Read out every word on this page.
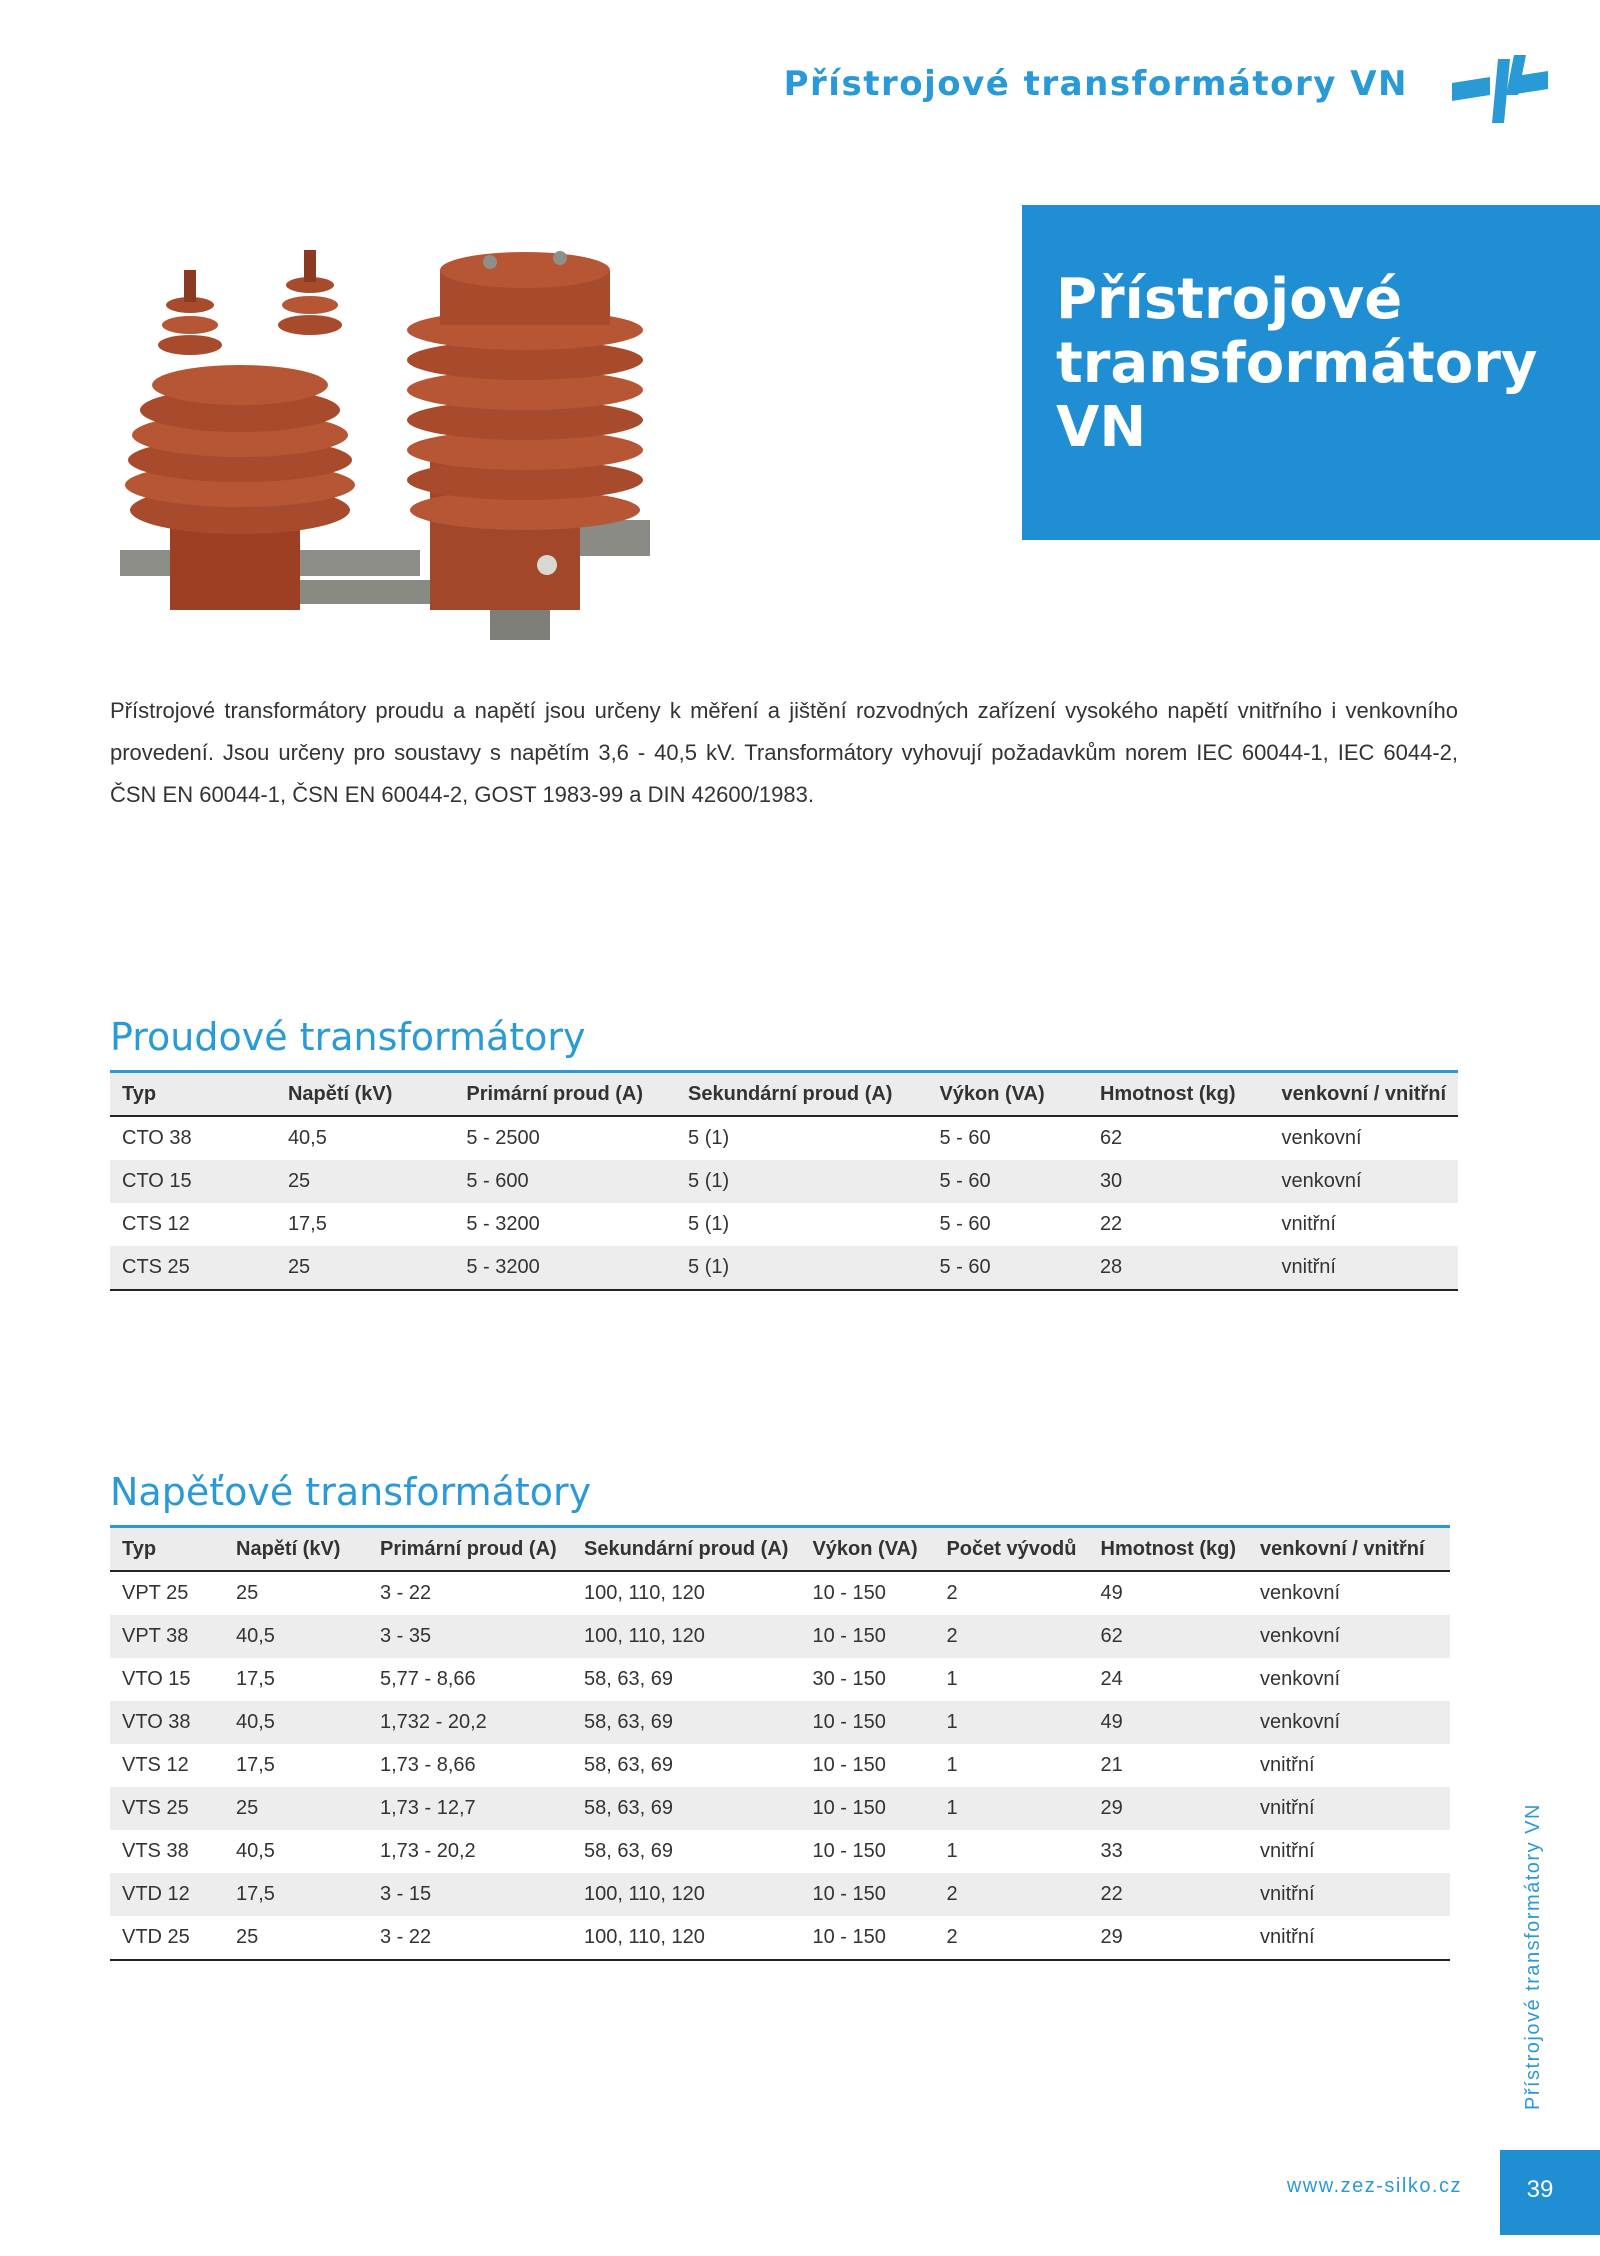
Přístrojové transformátory VN
Přístrojové transformátory VN
Přístrojové transformátory proudu a napětí jsou určeny k měření a jištění rozvodných zařízení vysokého napětí vnitřního i venkovního provedení. Jsou určeny pro soustavy s napětím 3,6 - 40,5 kV. Transformátory vyhovují požadavkům norem IEC 60044-1, IEC 6044-2, ČSN EN 60044-1, ČSN EN 60044-2, GOST 1983-99 a DIN 42600/1983.
Proudové transformátory
Typ	Napětí (kV)	Primární proud (A)	Sekundární proud (A)	Výkon (VA)	Hmotnost (kg)	venkovní / vnitřní
CTO 38	40,5	5 - 2500	5 (1)	5 - 60	62	venkovní
CTO 15	25	5 - 600	5 (1)	5 - 60	30	venkovní
CTS 12	17,5	5 - 3200	5 (1)	5 - 60	22	vnitřní
CTS 25	25	5 - 3200	5 (1)	5 - 60	28	vnitřní
Napěťové transformátory
Typ	Napětí (kV)	Primární proud (A)	Sekundární proud (A)	Výkon (VA)	Počet vývodů	Hmotnost (kg)	venkovní / vnitřní
VPT 25	25	3 - 22	100, 110, 120	10 - 150	2	49	venkovní
VPT 38	40,5	3 - 35	100, 110, 120	10 - 150	2	62	venkovní
VTO 15	17,5	5,77 - 8,66	58, 63, 69	30 - 150	1	24	venkovní
VTO 38	40,5	1,732 - 20,2	58, 63, 69	10 - 150	1	49	venkovní
VTS 12	17,5	1,73 - 8,66	58, 63, 69	10 - 150	1	21	vnitřní
VTS 25	25	1,73 - 12,7	58, 63, 69	10 - 150	1	29	vnitřní
VTS 38	40,5	1,73 - 20,2	58, 63, 69	10 - 150	1	33	vnitřní
VTD 12	17,5	3 - 15	100, 110, 120	10 - 150	2	22	vnitřní
VTD 25	25	3 - 22	100, 110, 120	10 - 150	2	29	vnitřní	Přístrojové transformátory VN
www.zez-silko.cz	39
